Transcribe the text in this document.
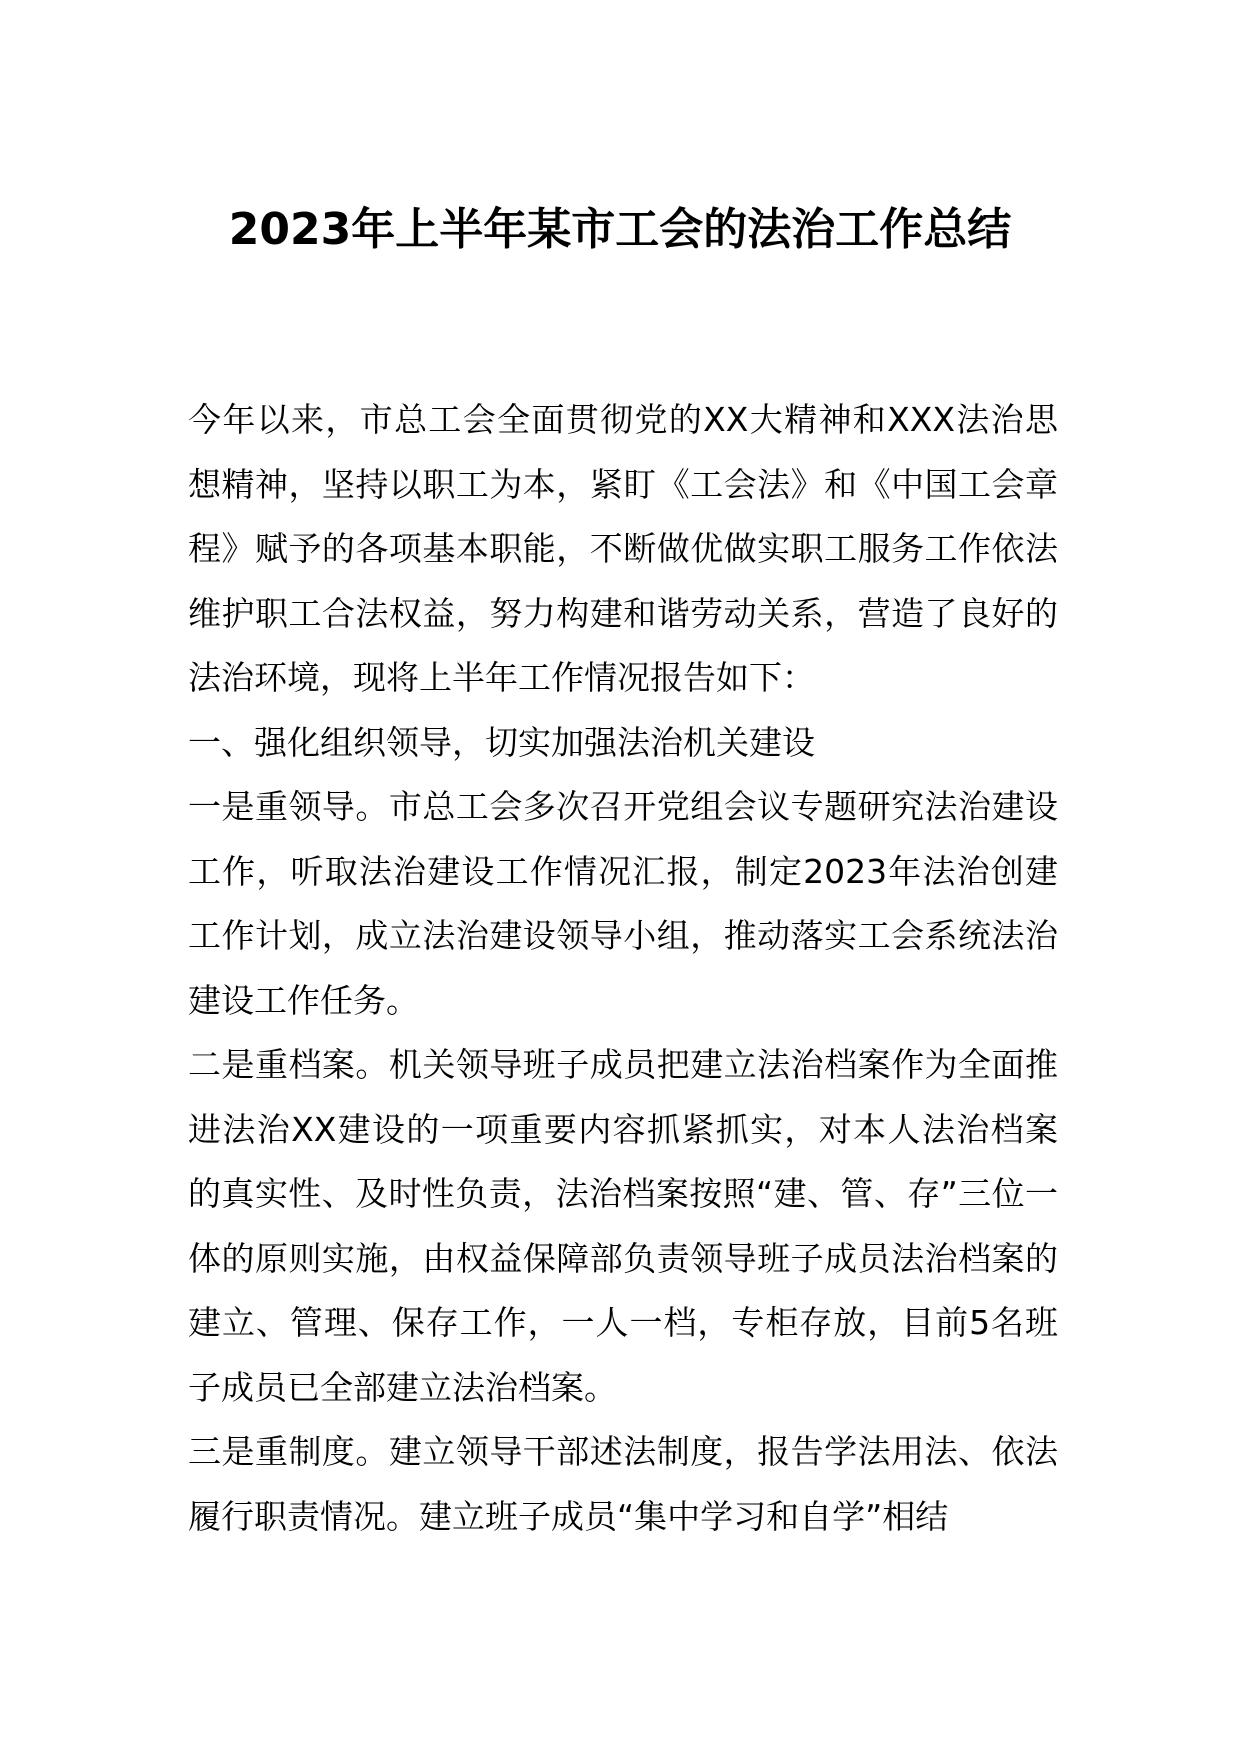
2023年上半年某市工会的法治工作总结

今年以来，市总工会全面贯彻党的XX大精神和XXX法治思想精神，坚持以职工为本，紧盯《工会法》和《中国工会章程》赋予的各项基本职能，不断做优做实职工服务工作依法维护职工合法权益，努力构建和谐劳动关系，营造了良好的法治环境，现将上半年工作情况报告如下：

一、强化组织领导，切实加强法治机关建设

一是重领导。市总工会多次召开党组会议专题研究法治建设工作，听取法治建设工作情况汇报，制定2023年法治创建工作计划，成立法治建设领导小组，推动落实工会系统法治建设工作任务。

二是重档案。机关领导班子成员把建立法治档案作为全面推进法治XX建设的一项重要内容抓紧抓实，对本人法治档案的真实性、及时性负责，法治档案按照“建、管、存”三位一体的原则实施，由权益保障部负责领导班子成员法治档案的建立、管理、保存工作，一人一档，专柜存放，目前5名班子成员已全部建立法治档案。

三是重制度。建立领导干部述法制度，报告学法用法、依法履行职责情况。建立班子成员“集中学习和自学”相结
